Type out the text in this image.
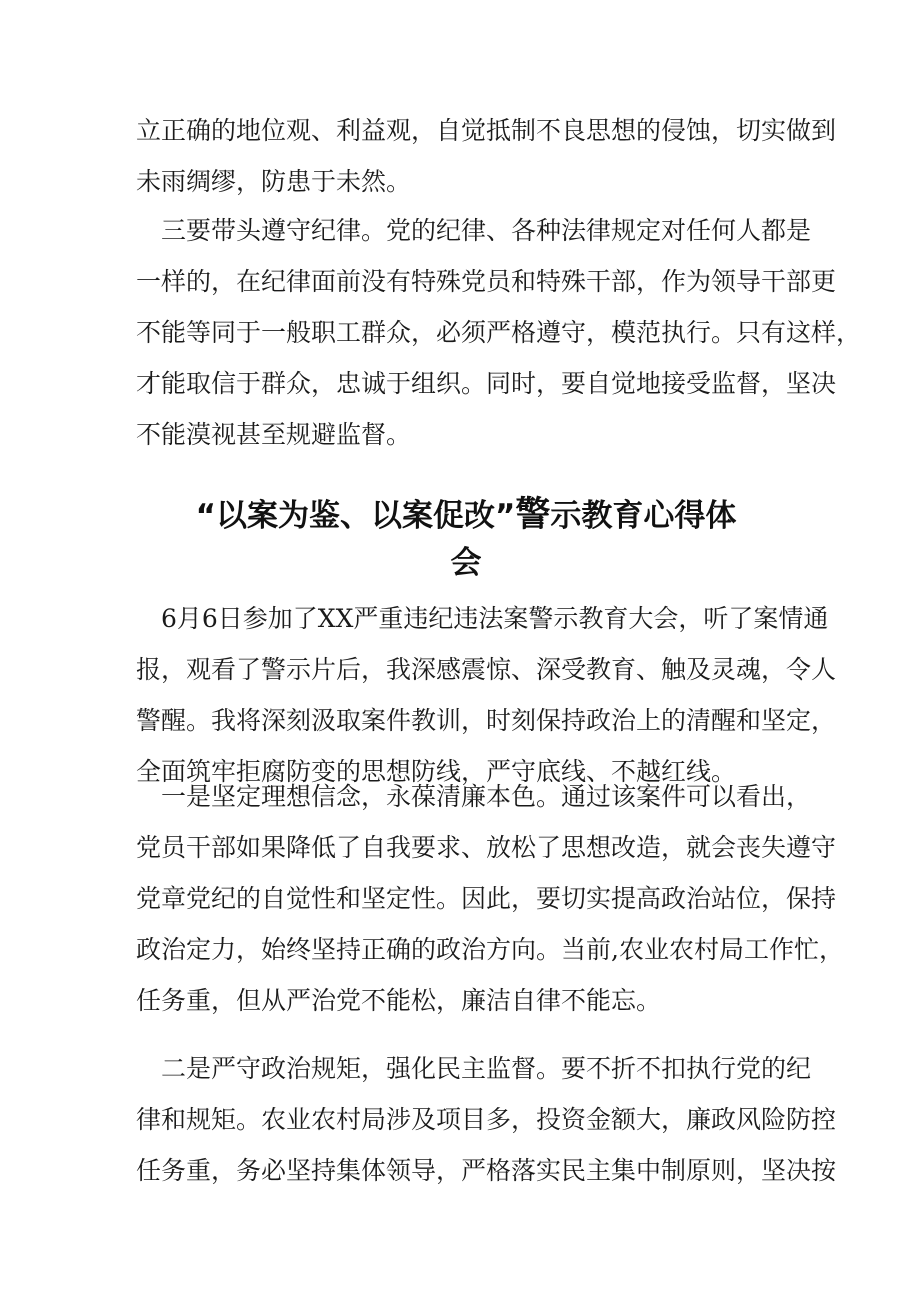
立正确的地位观、利益观，自觉抵制不良思想的侵蚀，切实做到
未雨绸缪，防患于未然。

　三要带头遵守纪律。党的纪律、各种法律规定对任何人都是
一样的，在纪律面前没有特殊党员和特殊干部，作为领导干部更
不能等同于一般职工群众，必须严格遵守，模范执行。只有这样，
才能取信于群众，忠诚于组织。同时，要自觉地接受监督，坚决
不能漠视甚至规避监督。

“以案为鉴、以案促改”警示教育心得体
会

　6月6日参加了XX严重违纪违法案警示教育大会，听了案情通
报，观看了警示片后，我深感震惊、深受教育、触及灵魂，令人
警醒。我将深刻汲取案件教训，时刻保持政治上的清醒和坚定，
全面筑牢拒腐防变的思想防线，严守底线、不越红线。

　一是坚定理想信念，永葆清廉本色。通过该案件可以看出，
党员干部如果降低了自我要求、放松了思想改造，就会丧失遵守
党章党纪的自觉性和坚定性。因此，要切实提高政治站位，保持
政治定力，始终坚持正确的政治方向。当前,农业农村局工作忙，
任务重，但从严治党不能松，廉洁自律不能忘。

　二是严守政治规矩，强化民主监督。要不折不扣执行党的纪
律和规矩。农业农村局涉及项目多，投资金额大，廉政风险防控
任务重，务必坚持集体领导，严格落实民主集中制原则，坚决按
